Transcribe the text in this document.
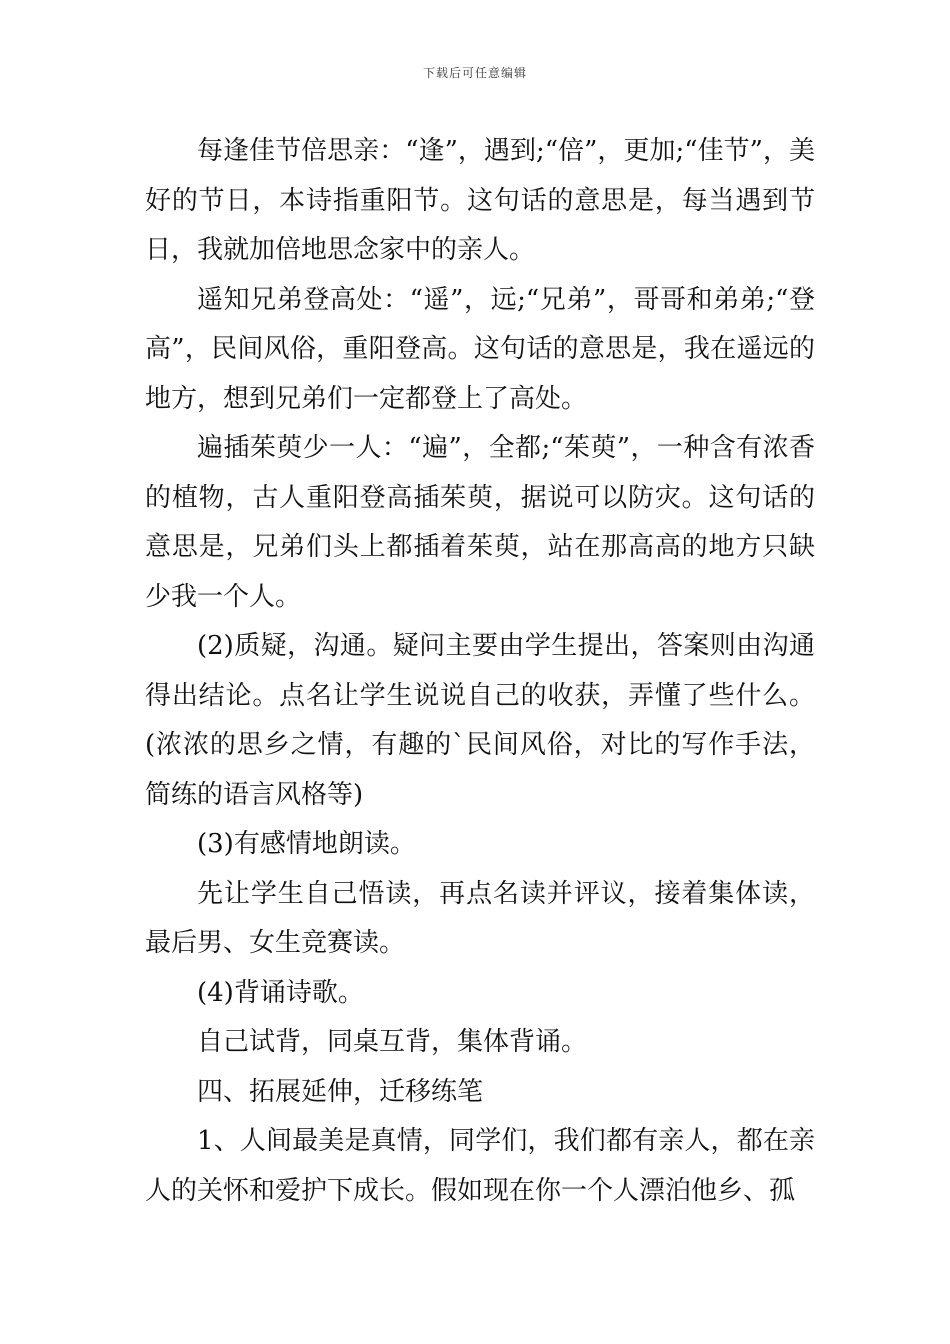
下载后可任意编辑

每逢佳节倍思亲：“逢”，遇到;“倍”，更加;“佳节”，美好的节日，本诗指重阳节。这句话的意思是，每当遇到节日，我就加倍地思念家中的亲人。

遥知兄弟登高处：“遥”，远;“兄弟”，哥哥和弟弟;“登高”，民间风俗，重阳登高。这句话的意思是，我在遥远的地方，想到兄弟们一定都登上了高处。

遍插茱萸少一人：“遍”，全都;“茱萸”，一种含有浓香的植物，古人重阳登高插茱萸，据说可以防灾。这句话的意思是，兄弟们头上都插着茱萸，站在那高高的地方只缺少我一个人。

(2)质疑，沟通。疑问主要由学生提出，答案则由沟通得出结论。点名让学生说说自己的收获，弄懂了些什么。(浓浓的思乡之情，有趣的`民间风俗，对比的写作手法，简练的语言风格等)

(3)有感情地朗读。

先让学生自己悟读，再点名读并评议，接着集体读，最后男、女生竞赛读。

(4)背诵诗歌。

自己试背，同桌互背，集体背诵。

四、拓展延伸，迁移练笔

1、人间最美是真情，同学们，我们都有亲人，都在亲人的关怀和爱护下成长。假如现在你一个人漂泊他乡、孤
